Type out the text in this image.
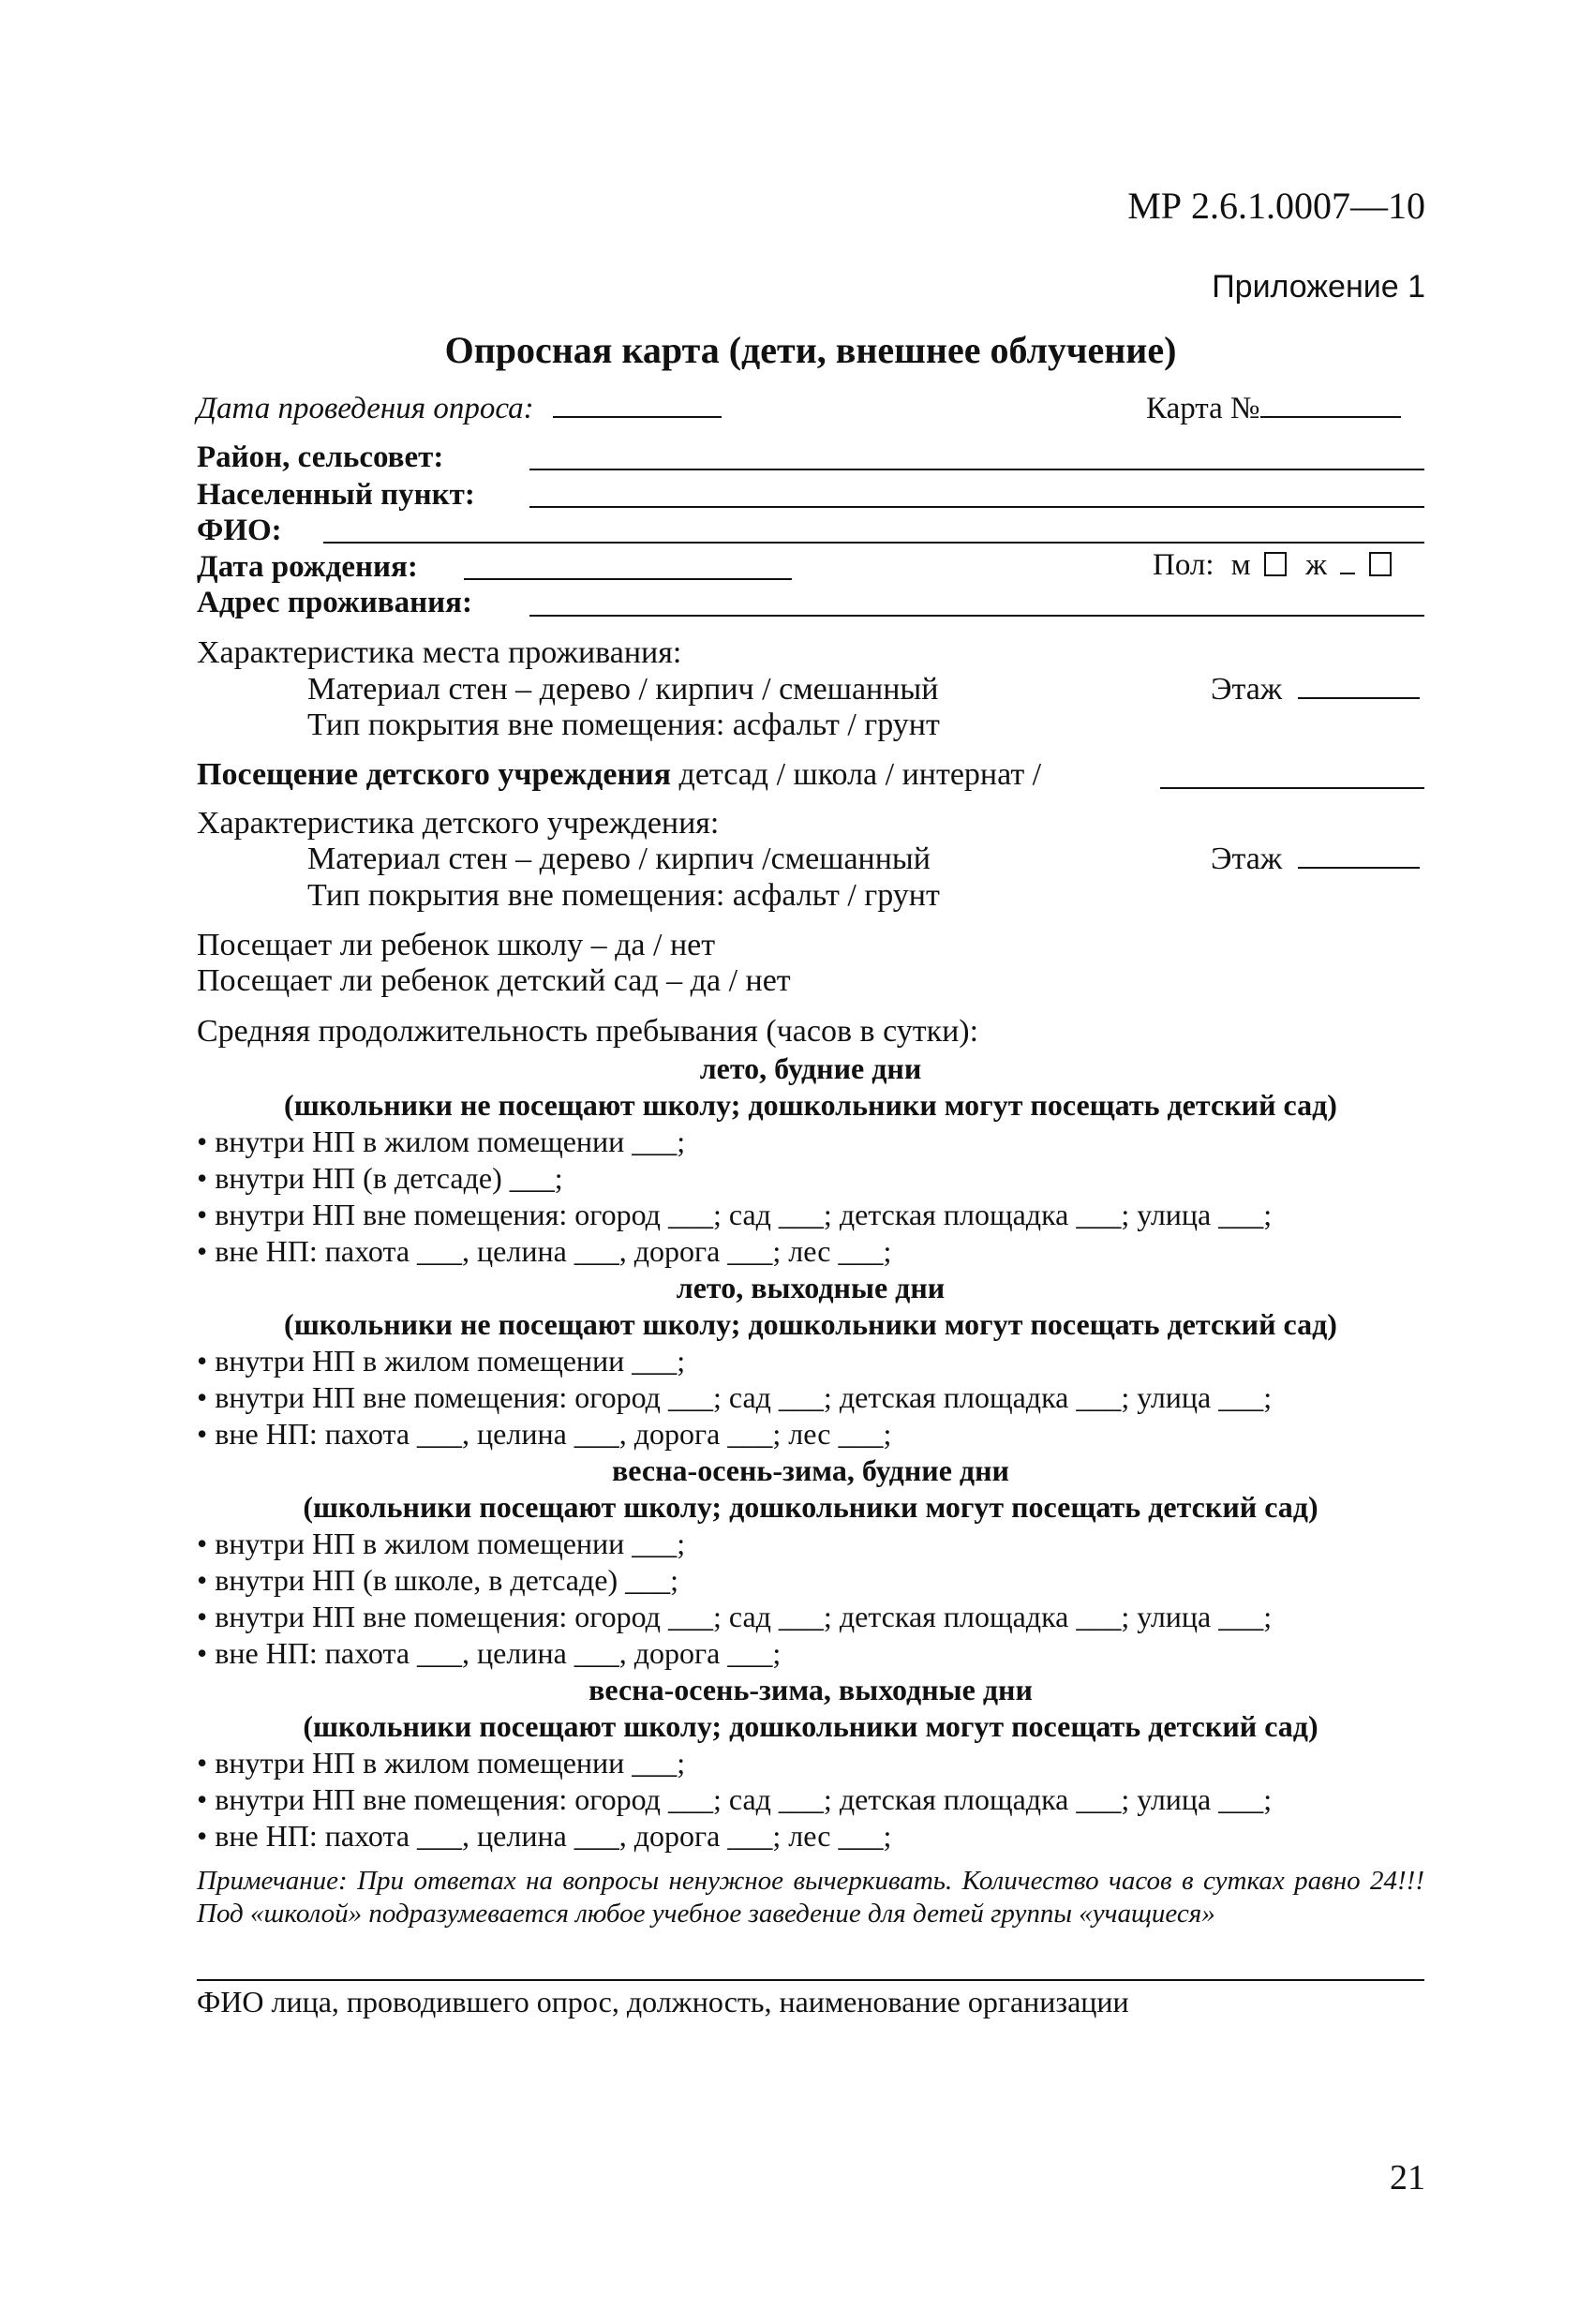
МР 2.6.1.0007—10
Приложение 1
Опросная карта (дети, внешнее облучение)
Дата проведения опроса:	Карта №
Район, сельсовет:
Населенный пункт:
ФИО:
Дата рождения:	Пол: м ж
Адрес проживания:
Характеристика места проживания:
Материал стен – дерево / кирпич / смешанный	Этаж
Тип покрытия вне помещения: асфальт / грунт
Посещение детского учреждения детсад / школа / интернат /
Характеристика детского учреждения:
Материал стен – дерево / кирпич /смешанный	Этаж
Тип покрытия вне помещения: асфальт / грунт
Посещает ли ребенок школу – да / нет
Посещает ли ребенок детский сад – да / нет
Средняя продолжительность пребывания (часов в сутки):
лето, будние дни
(школьники не посещают школу; дошкольники могут посещать детский сад)
• внутри НП в жилом помещении ___;
• внутри НП (в детсаде) ___;
• внутри НП вне помещения: огород ___; сад ___; детская площадка ___; улица ___;
• вне НП: пахота ___, целина ___, дорога ___; лес ___;
лето, выходные дни
(школьники не посещают школу; дошкольники могут посещать детский сад)
• внутри НП в жилом помещении ___;
• внутри НП вне помещения: огород ___; сад ___; детская площадка ___; улица ___;
• вне НП: пахота ___, целина ___, дорога ___; лес ___;
весна-осень-зима, будние дни
(школьники посещают школу; дошкольники могут посещать детский сад)
• внутри НП в жилом помещении ___;
• внутри НП (в школе, в детсаде) ___;
• внутри НП вне помещения: огород ___; сад ___; детская площадка ___; улица ___;
• вне НП: пахота ___, целина ___, дорога ___;
весна-осень-зима, выходные дни
(школьники посещают школу; дошкольники могут посещать детский сад)
• внутри НП в жилом помещении ___;
• внутри НП вне помещения: огород ___; сад ___; детская площадка ___; улица ___;
• вне НП: пахота ___, целина ___, дорога ___; лес ___;
Примечание: При ответах на вопросы ненужное вычеркивать. Количество часов в сутках равно 24!!! Под «школой» подразумевается любое учебное заведение для детей группы «учащиеся»
ФИО лица, проводившего опрос, должность, наименование организации
21
